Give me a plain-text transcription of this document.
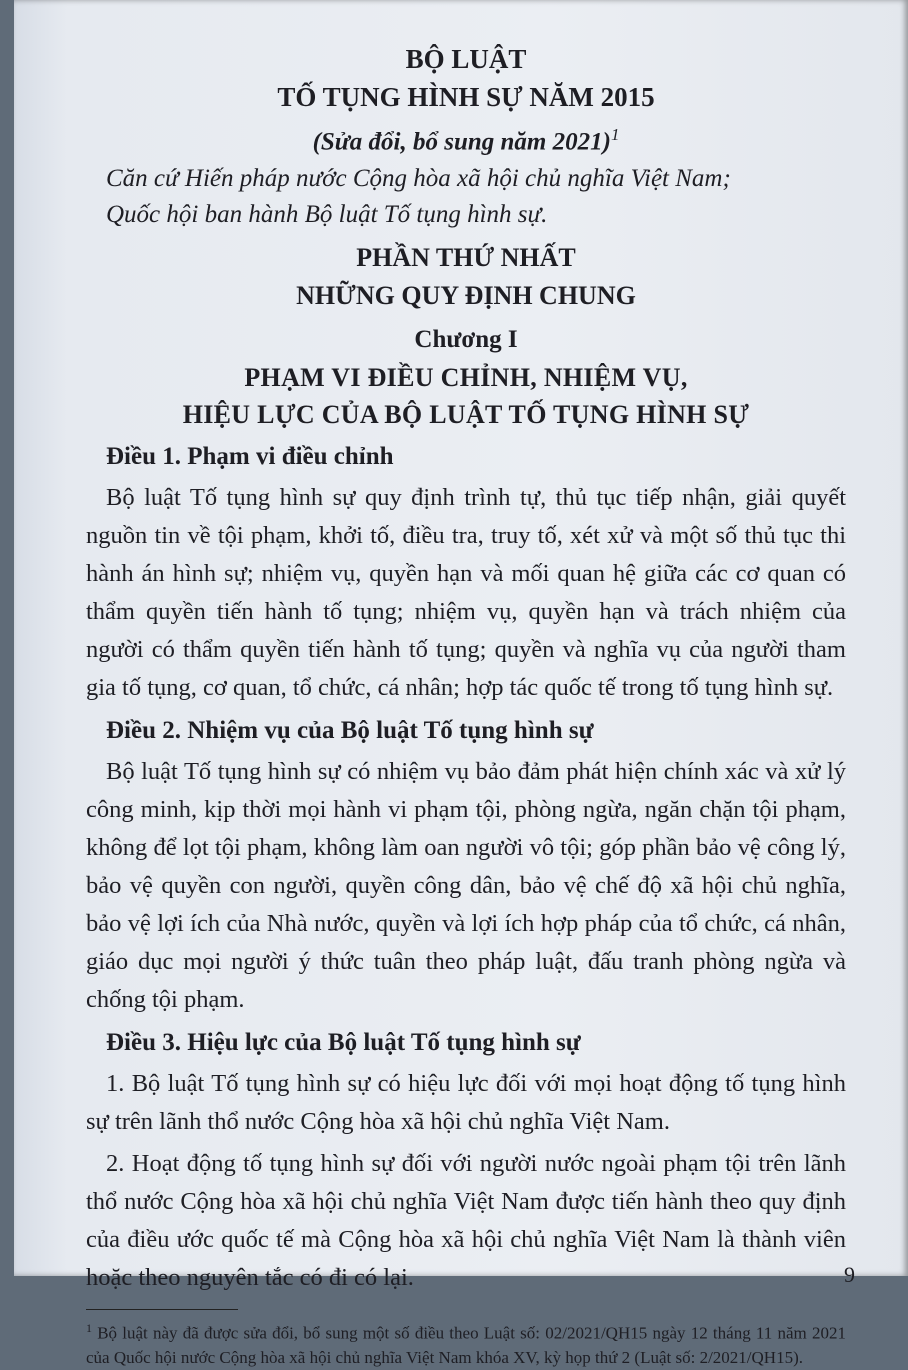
BỘ LUẬT
TỐ TỤNG HÌNH SỰ NĂM 2015
(Sửa đổi, bổ sung năm 2021)$^1$
Căn cứ Hiến pháp nước Cộng hòa xã hội chủ nghĩa Việt Nam;
Quốc hội ban hành Bộ luật Tố tụng hình sự.
PHẦN THỨ NHẤT
NHỮNG QUY ĐỊNH CHUNG
Chương I
PHẠM VI ĐIỀU CHỈNH, NHIỆM VỤ,
HIỆU LỰC CỦA BỘ LUẬT TỐ TỤNG HÌNH SỰ
Điều 1. Phạm vi điều chỉnh

Bộ luật Tố tụng hình sự quy định trình tự, thủ tục tiếp nhận, giải quyết nguồn tin về tội phạm, khởi tố, điều tra, truy tố, xét xử và một số thủ tục thi hành án hình sự; nhiệm vụ, quyền hạn và mối quan hệ giữa các cơ quan có thẩm quyền tiến hành tố tụng; nhiệm vụ, quyền hạn và trách nhiệm của người có thẩm quyền tiến hành tố tụng; quyền và nghĩa vụ của người tham gia tố tụng, cơ quan, tổ chức, cá nhân; hợp tác quốc tế trong tố tụng hình sự.

Điều 2. Nhiệm vụ của Bộ luật Tố tụng hình sự

Bộ luật Tố tụng hình sự có nhiệm vụ bảo đảm phát hiện chính xác và xử lý công minh, kịp thời mọi hành vi phạm tội, phòng ngừa, ngăn chặn tội phạm, không để lọt tội phạm, không làm oan người vô tội; góp phần bảo vệ công lý, bảo vệ quyền con người, quyền công dân, bảo vệ chế độ xã hội chủ nghĩa, bảo vệ lợi ích của Nhà nước, quyền và lợi ích hợp pháp của tổ chức, cá nhân, giáo dục mọi người ý thức tuân theo pháp luật, đấu tranh phòng ngừa và chống tội phạm.

Điều 3. Hiệu lực của Bộ luật Tố tụng hình sự

1. Bộ luật Tố tụng hình sự có hiệu lực đối với mọi hoạt động tố tụng hình sự trên lãnh thổ nước Cộng hòa xã hội chủ nghĩa Việt Nam.

2. Hoạt động tố tụng hình sự đối với người nước ngoài phạm tội trên lãnh thổ nước Cộng hòa xã hội chủ nghĩa Việt Nam được tiến hành theo quy định của điều ước quốc tế mà Cộng hòa xã hội chủ nghĩa Việt Nam là thành viên hoặc theo nguyên tắc có đi có lại.

$^1$ Bộ luật này đã được sửa đổi, bổ sung một số điều theo Luật số: 02/2021/QH15 ngày 12 tháng 11 năm 2021 của Quốc hội nước Cộng hòa xã hội chủ nghĩa Việt Nam khóa XV, kỳ họp thứ 2 (Luật số: 2/2021/QH15).
9
